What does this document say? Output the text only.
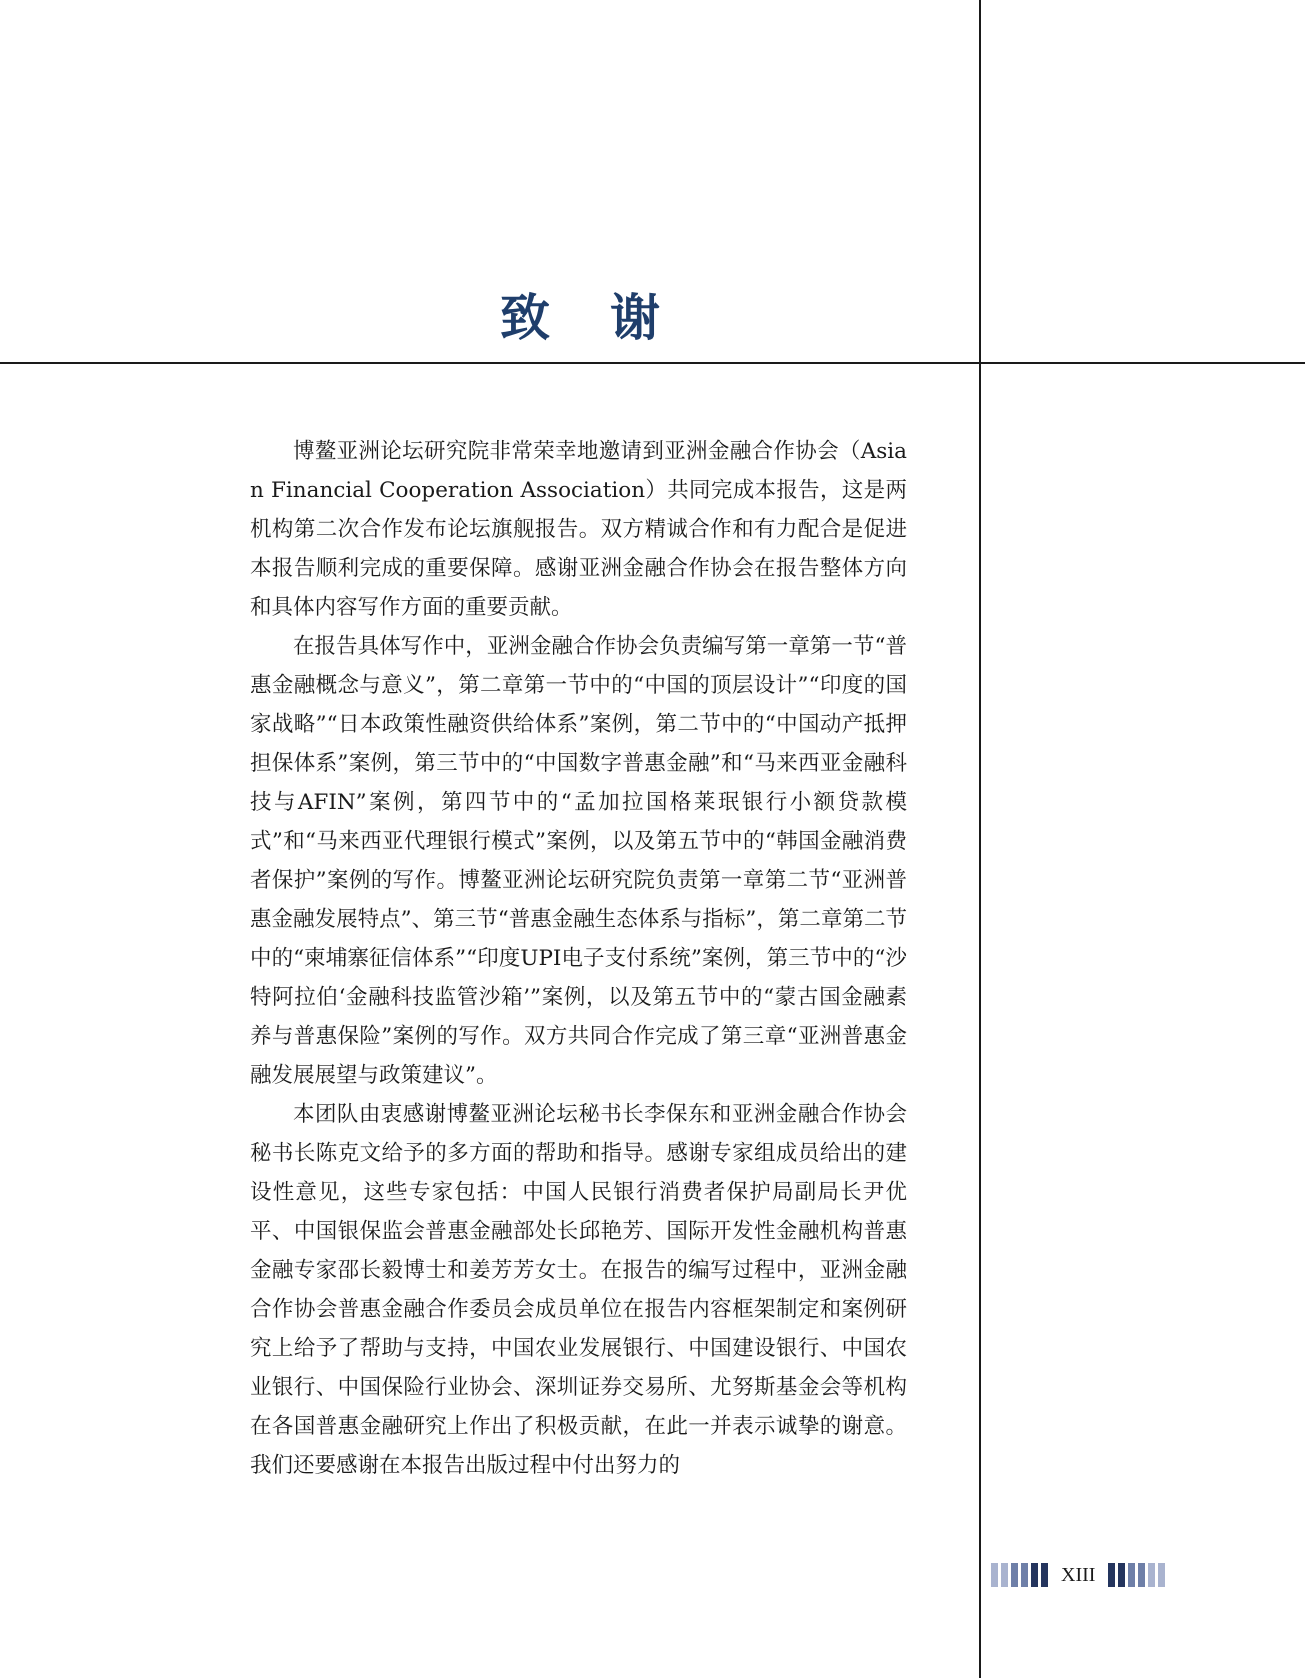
致 谢

博鳌亚洲论坛研究院非常荣幸地邀请到亚洲金融合作协会（Asian Financial Cooperation Association）共同完成本报告，这是两机构第二次合作发布论坛旗舰报告。双方精诚合作和有力配合是促进本报告顺利完成的重要保障。感谢亚洲金融合作协会在报告整体方向和具体内容写作方面的重要贡献。

在报告具体写作中，亚洲金融合作协会负责编写第一章第一节“普惠金融概念与意义”，第二章第一节中的“中国的顶层设计”“印度的国家战略”“日本政策性融资供给体系”案例，第二节中的“中国动产抵押担保体系”案例，第三节中的“中国数字普惠金融”和“马来西亚金融科技与AFIN”案例，第四节中的“孟加拉国格莱珉银行小额贷款模式”和“马来西亚代理银行模式”案例，以及第五节中的“韩国金融消费者保护”案例的写作。博鳌亚洲论坛研究院负责第一章第二节“亚洲普惠金融发展特点”、第三节“普惠金融生态体系与指标”，第二章第二节中的“柬埔寨征信体系”“印度UPI电子支付系统”案例，第三节中的“沙特阿拉伯‘金融科技监管沙箱’”案例，以及第五节中的“蒙古国金融素养与普惠保险”案例的写作。双方共同合作完成了第三章“亚洲普惠金融发展展望与政策建议”。

本团队由衷感谢博鳌亚洲论坛秘书长李保东和亚洲金融合作协会秘书长陈克文给予的多方面的帮助和指导。感谢专家组成员给出的建设性意见，这些专家包括：中国人民银行消费者保护局副局长尹优平、中国银保监会普惠金融部处长邱艳芳、国际开发性金融机构普惠金融专家邵长毅博士和姜芳芳女士。在报告的编写过程中，亚洲金融合作协会普惠金融合作委员会成员单位在报告内容框架制定和案例研究上给予了帮助与支持，中国农业发展银行、中国建设银行、中国农业银行、中国保险行业协会、深圳证券交易所、尤努斯基金会等机构在各国普惠金融研究上作出了积极贡献，在此一并表示诚挚的谢意。我们还要感谢在本报告出版过程中付出努力的

XIII
